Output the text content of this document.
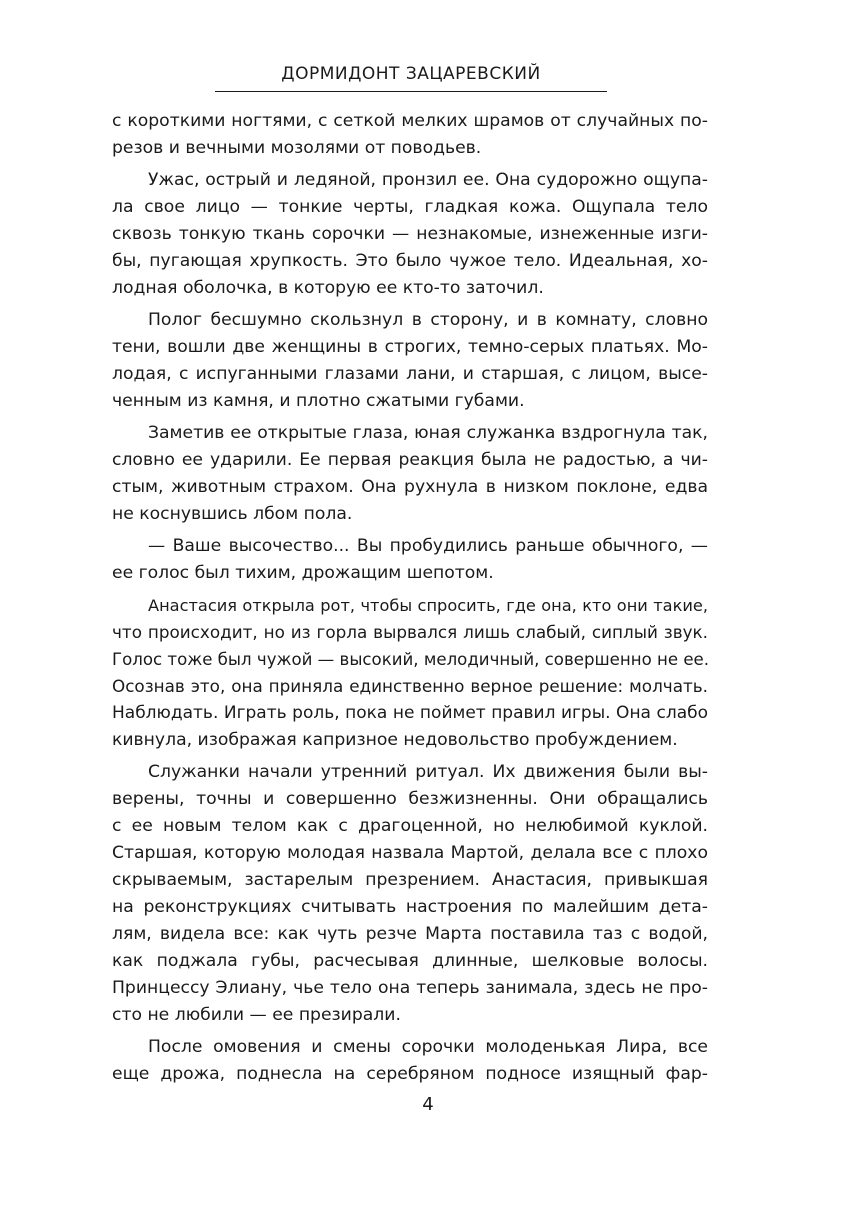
ДОРМИДОНТ ЗАЦАРЕВСКИЙ
с короткими ногтями, с сеткой мелких шрамов от случайных по-
резов и вечными мозолями от поводьев.
Ужас, острый и ледяной, пронзил ее. Она судорожно ощупа-
ла свое лицо — тонкие черты, гладкая кожа. Ощупала тело
сквозь тонкую ткань сорочки — незнакомые, изнеженные изги-
бы, пугающая хрупкость. Это было чужое тело. Идеальная, хо-
лодная оболочка, в которую ее кто-то заточил.
Полог бесшумно скользнул в сторону, и в комнату, словно
тени, вошли две женщины в строгих, темно-серых платьях. Мо-
лодая, с испуганными глазами лани, и старшая, с лицом, высе-
ченным из камня, и плотно сжатыми губами.
Заметив ее открытые глаза, юная служанка вздрогнула так,
словно ее ударили. Ее первая реакция была не радостью, а чи-
стым, животным страхом. Она рухнула в низком поклоне, едва
не коснувшись лбом пола.
— Ваше высочество... Вы пробудились раньше обычного, —
ее голос был тихим, дрожащим шепотом.
Анастасия открыла рот, чтобы спросить, где она, кто они такие,
что происходит, но из горла вырвался лишь слабый, сиплый звук.
Голос тоже был чужой — высокий, мелодичный, совершенно не ее.
Осознав это, она приняла единственно верное решение: молчать.
Наблюдать. Играть роль, пока не поймет правил игры. Она слабо
кивнула, изображая капризное недовольство пробуждением.
Служанки начали утренний ритуал. Их движения были вы-
верены, точны и совершенно безжизненны. Они обращались
с ее новым телом как с драгоценной, но нелюбимой куклой.
Старшая, которую молодая назвала Мартой, делала все с плохо
скрываемым, застарелым презрением. Анастасия, привыкшая
на реконструкциях считывать настроения по малейшим дета-
лям, видела все: как чуть резче Марта поставила таз с водой,
как поджала губы, расчесывая длинные, шелковые волосы.
Принцессу Элиану, чье тело она теперь занимала, здесь не про-
сто не любили — ее презирали.
После омовения и смены сорочки молоденькая Лира, все
еще дрожа, поднесла на серебряном подносе изящный фар-
4
